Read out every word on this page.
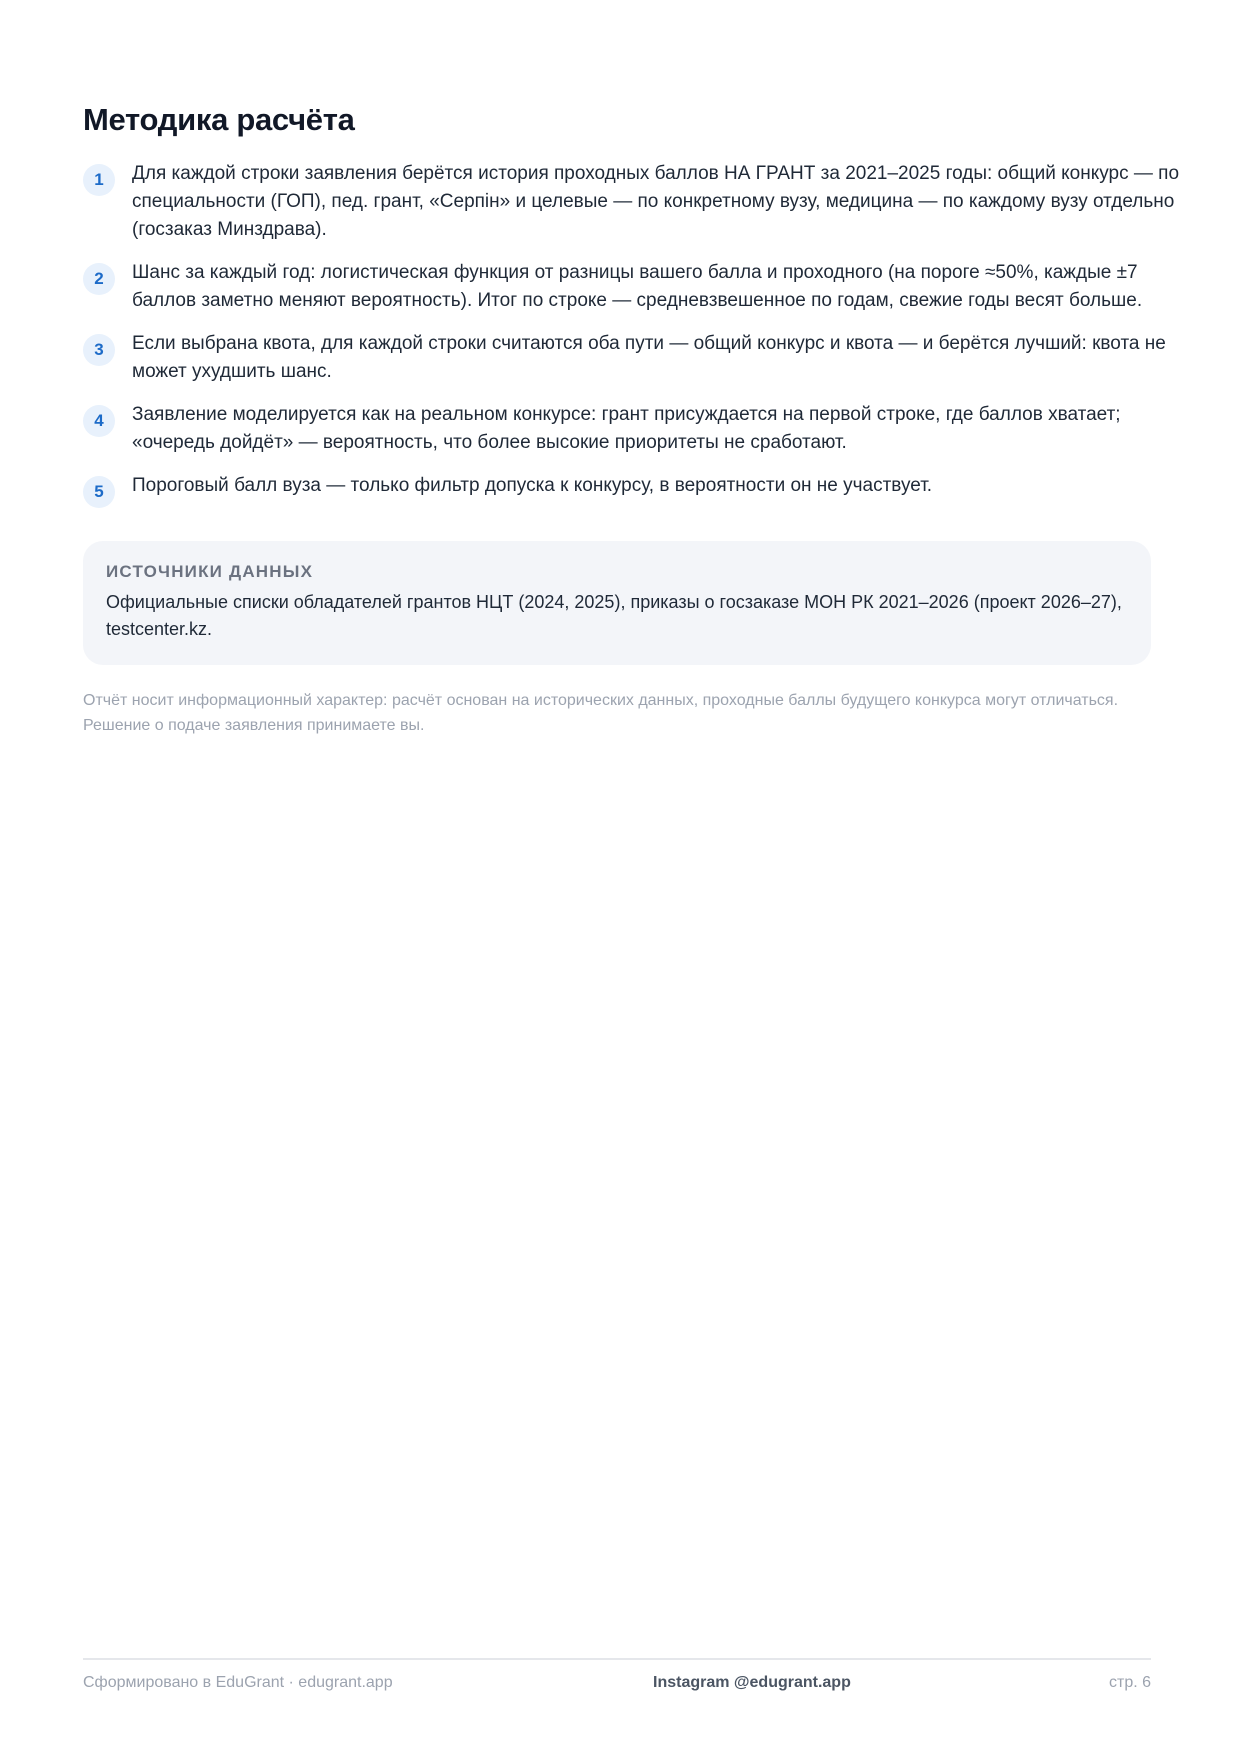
Методика расчёта
1	Для каждой строки заявления берётся история проходных баллов НА ГРАНТ за 2021–2025 годы: общий конкурс — по специальности (ГОП), пед. грант, «Серпін» и целевые — по конкретному вузу, медицина — по каждому вузу отдельно (госзаказ Минздрава).
2	Шанс за каждый год: логистическая функция от разницы вашего балла и проходного (на пороге ≈50%, каждые ±7 баллов заметно меняют вероятность). Итог по строке — средневзвешенное по годам, свежие годы весят больше.
3	Если выбрана квота, для каждой строки считаются оба пути — общий конкурс и квота — и берётся лучший: квота не может ухудшить шанс.
4	Заявление моделируется как на реальном конкурсе: грант присуждается на первой строке, где баллов хватает; «очередь дойдёт» — вероятность, что более высокие приоритеты не сработают.
5	Пороговый балл вуза — только фильтр допуска к конкурсу, в вероятности он не участвует.
ИСТОЧНИКИ ДАННЫХ
Официальные списки обладателей грантов НЦТ (2024, 2025), приказы о госзаказе МОН РК 2021–2026 (проект 2026–27), testcenter.kz.
Отчёт носит информационный характер: расчёт основан на исторических данных, проходные баллы будущего конкурса могут отличаться. Решение о подаче заявления принимаете вы.
Сформировано в EduGrant · edugrant.app	Instagram @edugrant.app	стр. 6
